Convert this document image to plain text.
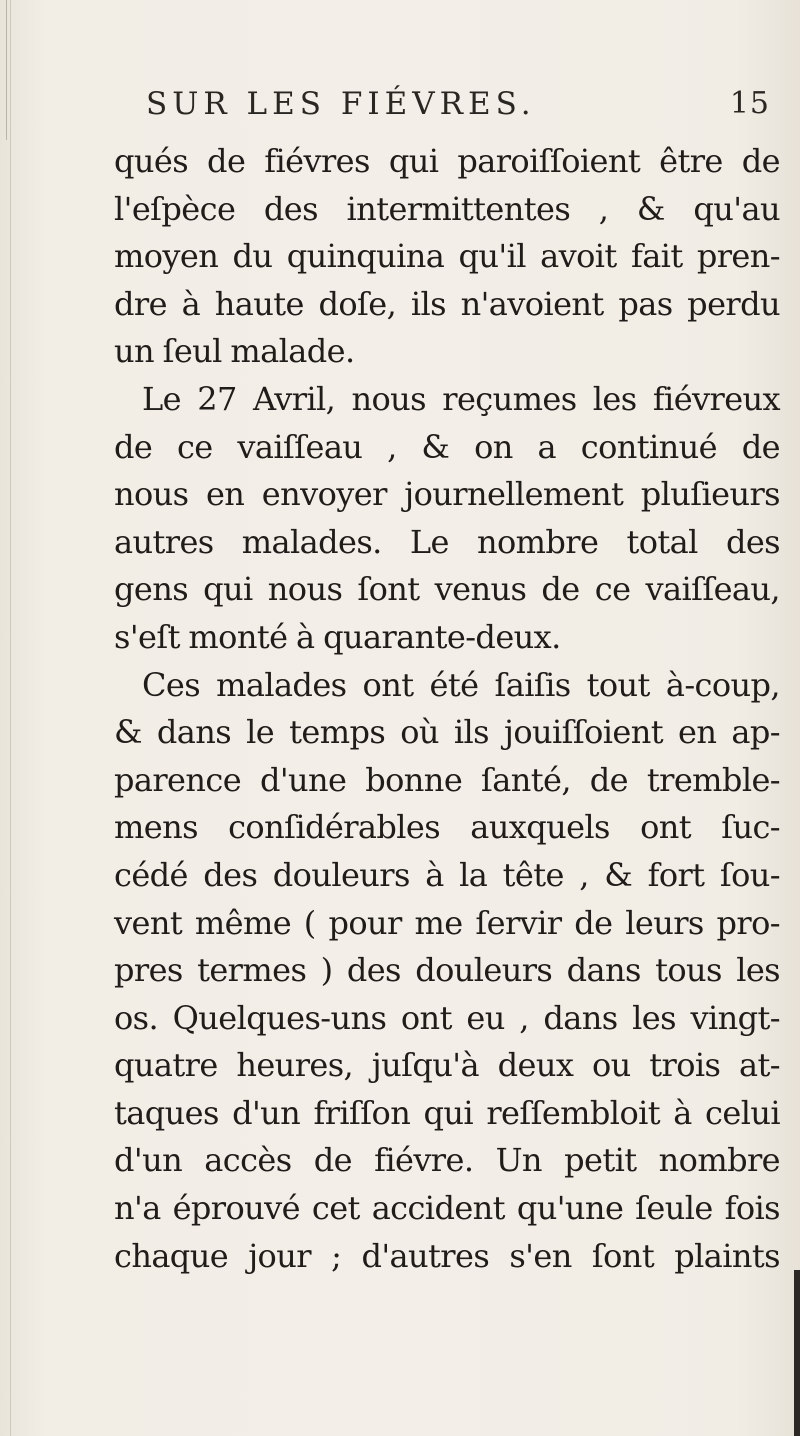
SUR LES FIÉVRES.	15
qués de fiévres qui paroiſſoient être de
l'eſpèce des intermittentes , & qu'au
moyen du quinquina qu'il avoit fait pren-
dre à haute doſe, ils n'avoient pas perdu
un ſeul malade.
Le 27 Avril, nous reçumes les fiévreux
de ce vaiſſeau , & on a continué de
nous en envoyer journellement pluſieurs
autres malades. Le nombre total des
gens qui nous ſont venus de ce vaiſſeau,
s'eſt monté à quarante-deux.
Ces malades ont été ſaiſis tout à-coup,
& dans le temps où ils jouiſſoient en ap-
parence d'une bonne ſanté, de tremble-
mens conſidérables auxquels ont ſuc-
cédé des douleurs à la tête , & fort ſou-
vent même ( pour me ſervir de leurs pro-
pres termes ) des douleurs dans tous les
os. Quelques-uns ont eu , dans les vingt-
quatre heures, juſqu'à deux ou trois at-
taques d'un friſſon qui reſſembloit à celui
d'un accès de fiévre. Un petit nombre
n'a éprouvé cet accident qu'une ſeule fois
chaque jour ; d'autres s'en ſont plaints
